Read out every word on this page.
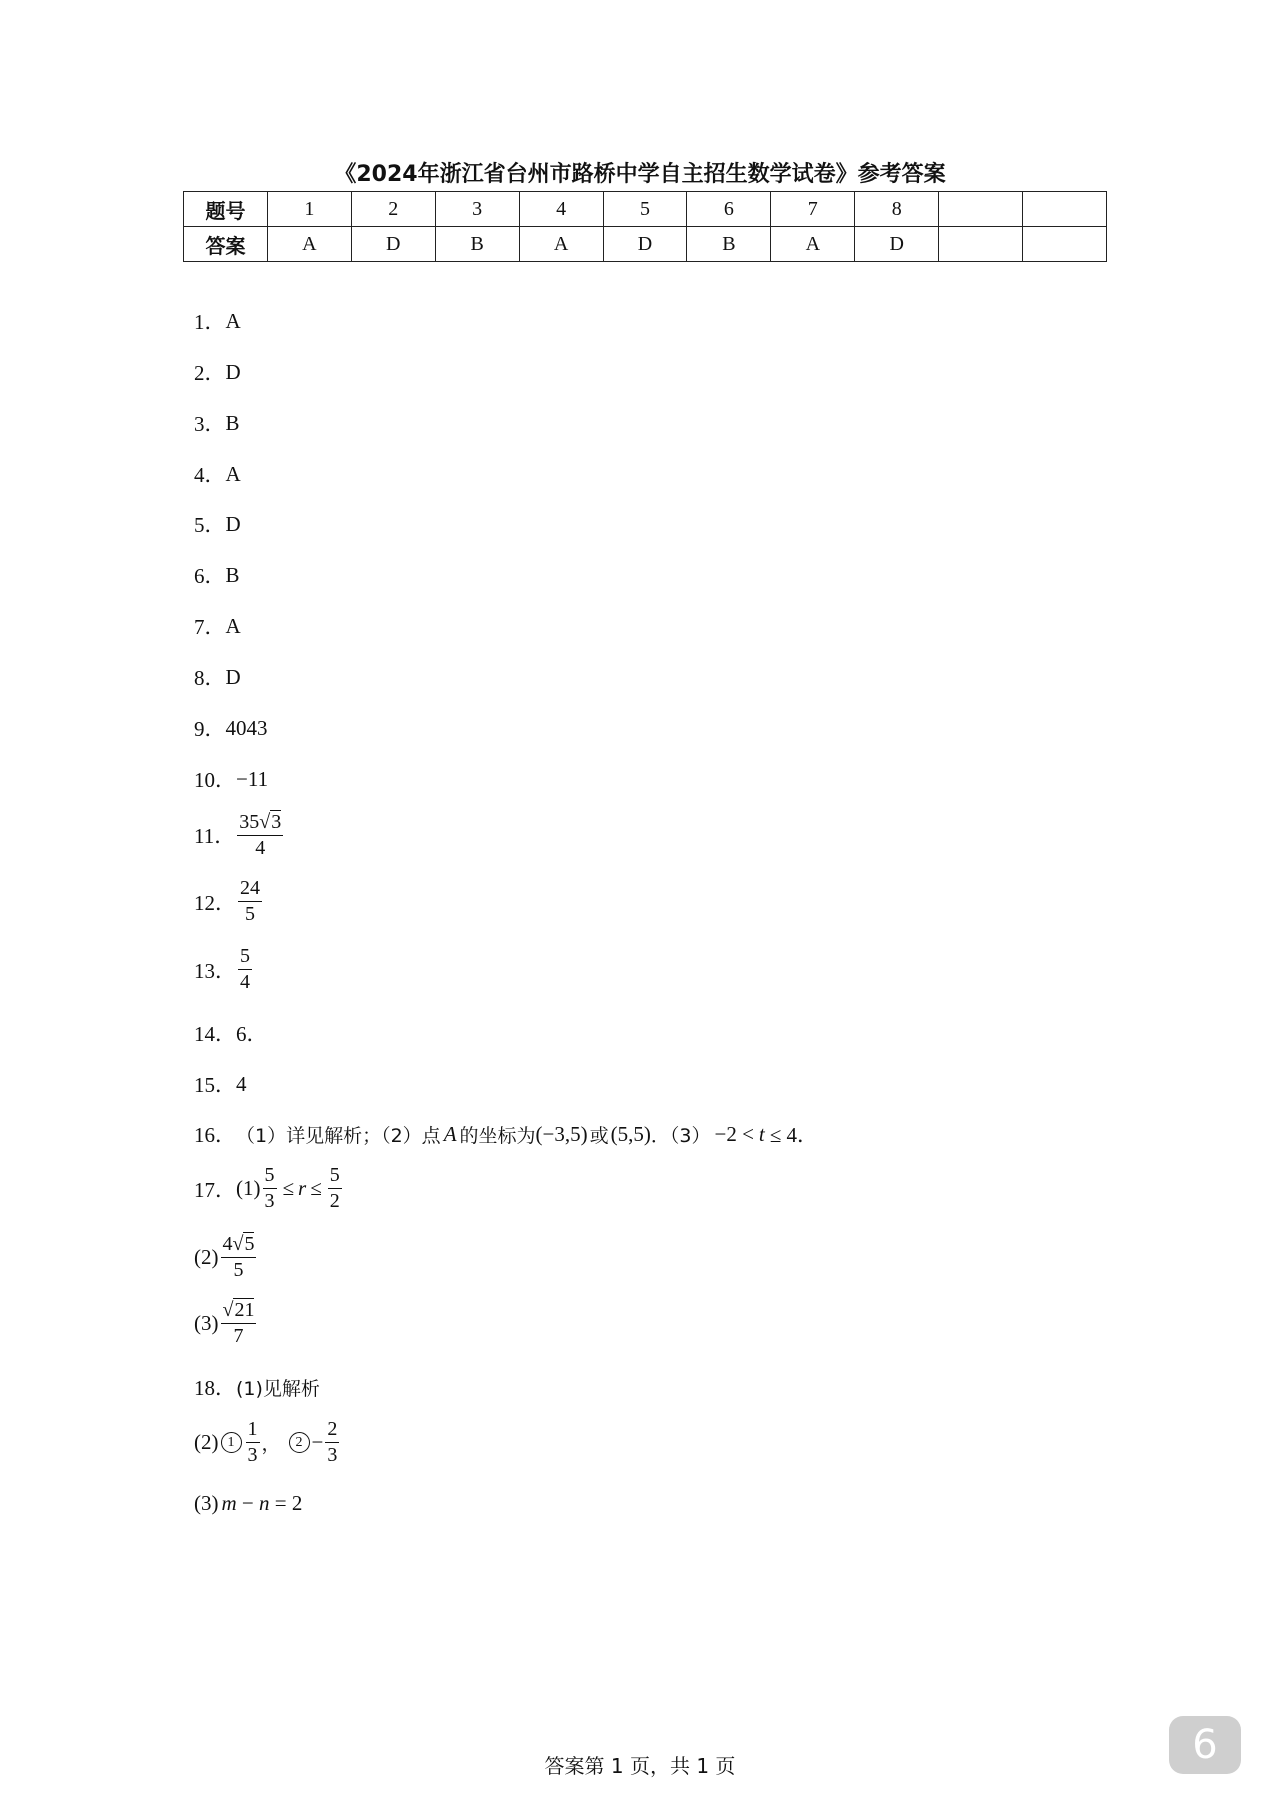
《2024年浙江省台州市路桥中学自主招生数学试卷》参考答案
题号	1	2	3	4	5	6	7	8		
答案	A	D	B	A	D	B	A	D		
1． A
2． D
3． B
4． A
5． D
6． B
7． A
8． D
9． 4043
10． −11
11． $\frac{35 √ 3}{4}$
12． $\frac{24}{5}$
13． $\frac{5}{4}$
14． 6．
15． 4
16． （1）详见解析；（2）点 A 的坐标为 (−3,5) 或 (5,5) ．（3） −2 < t ≤ 4．
17． $(1) \frac{5}{3} \le r \le \frac{5}{2}$
$(2) \frac{4 √ 5}{5}$
$(3) \frac{√ 21}{7}$
18． (1)见解析
(2) $1 \frac{1}{3}$ ，	$2 - \frac{2}{3}$
(3) m − n = 2
答案第 1 页，共 1 页	6
